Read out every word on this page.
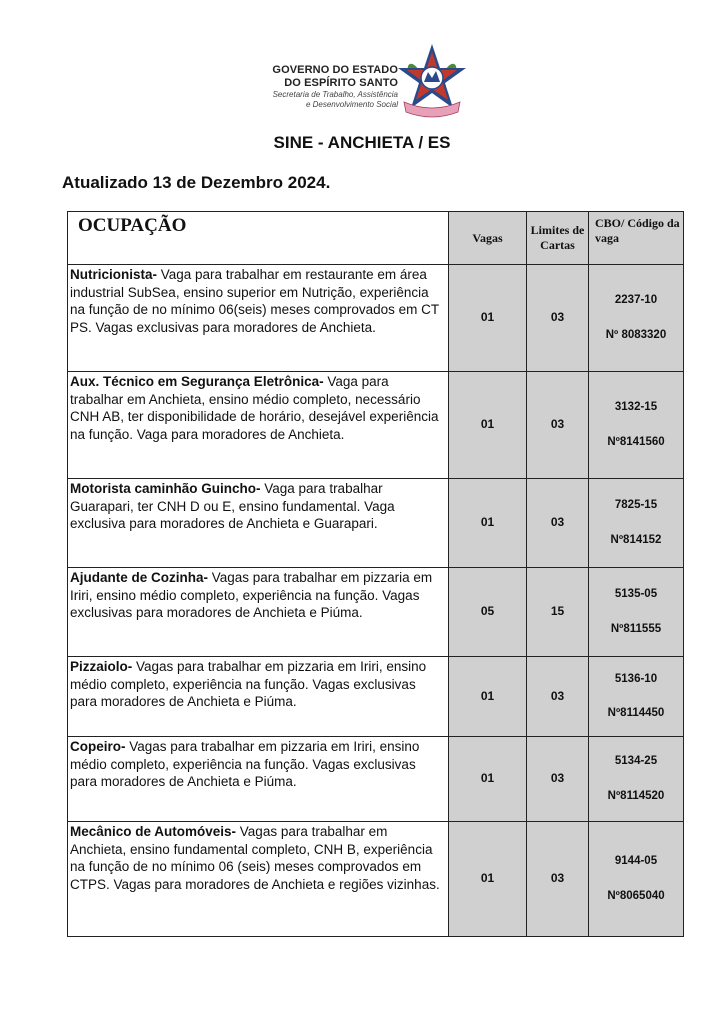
GOVERNO DO ESTADO
DO ESPÍRITO SANTO
Secretaria de Trabalho, Assistência
e Desenvolvimento Social
SINE - ANCHIETA / ES
Atualizado 13 de Dezembro 2024.
OCUPAÇÃO	Vagas	Limites de Cartas	CBO/ Código da vaga
Nutricionista- Vaga para trabalhar em restaurante em área industrial SubSea, ensino superior em Nutrição, experiência na função de no mínimo 06(seis) meses comprovados em CT PS. Vagas exclusivas para moradores de Anchieta.	01	03	2237-10
Nº 8083320

Aux. Técnico em Segurança Eletrônica- Vaga para trabalhar em Anchieta, ensino médio completo, necessário CNH AB, ter disponibilidade de horário, desejável experiência na função. Vaga para moradores de Anchieta.	01	03	3132-15
Nº8141560

Motorista caminhão Guincho- Vaga para trabalhar Guarapari, ter CNH D ou E, ensino fundamental. Vaga exclusiva para moradores de Anchieta e Guarapari.	01	03	7825-15
Nº814152

Ajudante de Cozinha- Vagas para trabalhar em pizzaria em Iriri, ensino médio completo, experiência na função. Vagas exclusivas para moradores de Anchieta e Piúma.	05	15	5135-05
Nº811555

Pizzaiolo- Vagas para trabalhar em pizzaria em Iriri, ensino médio completo, experiência na função. Vagas exclusivas para moradores de Anchieta e Piúma.	01	03	5136-10
Nº8114450

Copeiro- Vagas para trabalhar em pizzaria em Iriri, ensino médio completo, experiência na função. Vagas exclusivas para moradores de Anchieta e Piúma.	01	03	5134-25
Nº8114520

Mecânico de Automóveis- Vagas para trabalhar em Anchieta, ensino fundamental completo, CNH B, experiência na função de no mínimo 06 (seis) meses comprovados em CTPS. Vagas para moradores de Anchieta e regiões vizinhas.	01	03	9144-05
Nº8065040
